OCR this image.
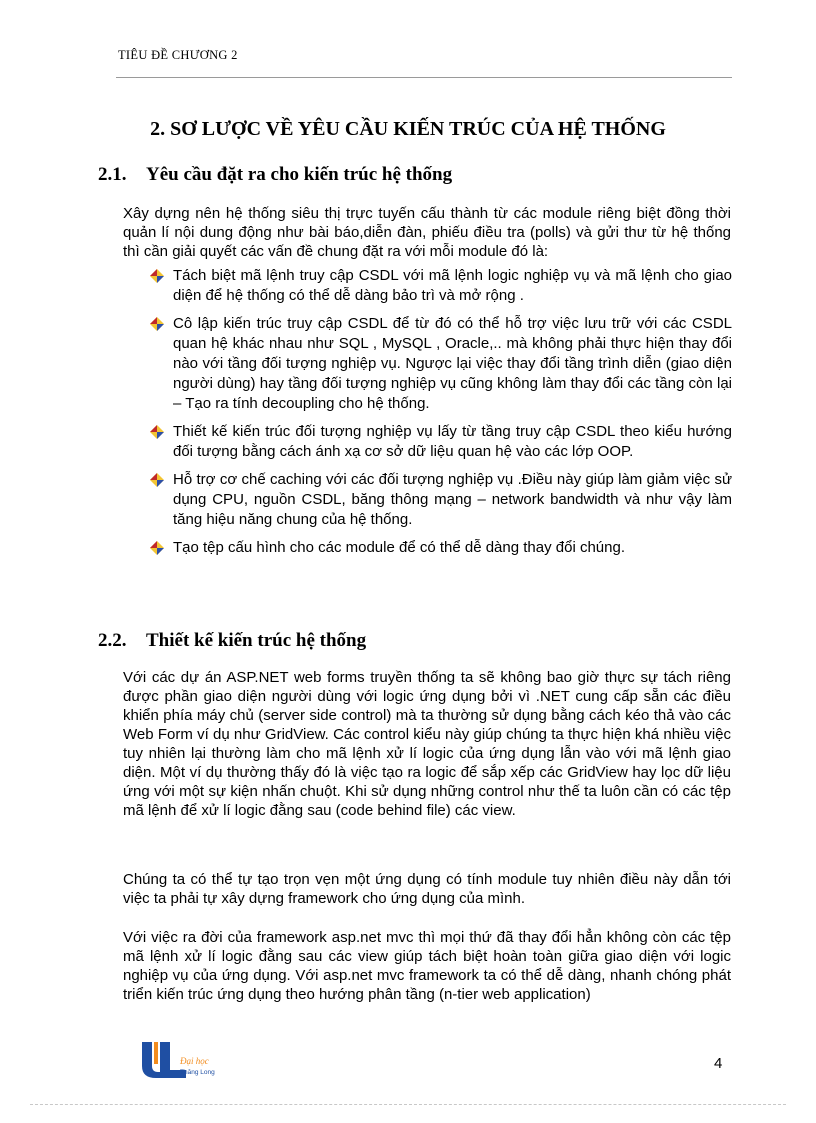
TIÊU ĐỀ CHƯƠNG 2
2. SƠ LƯỢC VỀ YÊU CẦU KIẾN TRÚC CỦA HỆ THỐNG
2.1. Yêu cầu đặt ra cho kiến trúc hệ thống

Xây dựng nên hệ thống siêu thị trực tuyến cấu thành từ các module riêng biệt đồng thời quản lí nội dung động như bài báo,diễn đàn, phiếu điều tra (polls) và gửi thư từ hệ thống thì cần giải quyết các vấn đề chung đặt ra với mỗi module đó là:

Tách biệt mã lệnh truy cập CSDL với mã lệnh logic nghiệp vụ và mã lệnh cho giao diện để hệ thống có thể dễ dàng bảo trì và mở rộng .
Cô lập kiến trúc truy cập CSDL để từ đó có thể hỗ trợ việc lưu trữ với các CSDL quan hệ khác nhau như SQL , MySQL , Oracle,.. mà không phải thực hiện thay đổi nào với tầng đối tượng nghiệp vụ. Ngược lại việc thay đổi tầng trình diễn (giao diện người dùng) hay tầng đối tượng nghiệp vụ cũng không làm thay đổi các tầng còn lại – Tạo ra tính decoupling cho hệ thống.
Thiết kế kiến trúc đối tượng nghiệp vụ lấy từ tầng truy cập CSDL theo kiểu hướng đối tượng bằng cách ánh xạ cơ sở dữ liệu quan hệ vào các lớp OOP.
Hỗ trợ cơ chế caching với các đối tượng nghiệp vụ .Điều này giúp làm giảm việc sử dụng CPU, nguồn CSDL, băng thông mạng – network bandwidth và như vậy làm tăng hiệu năng chung của hệ thống.
Tạo tệp cấu hình cho các module để có thể dễ dàng thay đổi chúng.
2.2. Thiết kế kiến trúc hệ thống

Với các dự án ASP.NET web forms truyền thống ta sẽ không bao giờ thực sự tách riêng được phần giao diện người dùng với logic ứng dụng bởi vì .NET cung cấp sẵn các điều khiển phía máy chủ (server side control) mà ta thường sử dụng bằng cách kéo thả vào các Web Form ví dụ như GridView. Các control kiểu này giúp chúng ta thực hiện khá nhiều việc tuy nhiên lại thường làm cho mã lệnh xử lí logic của ứng dụng lẫn vào với mã lệnh giao diện. Một ví dụ thường thấy đó là việc tạo ra logic để sắp xếp các GridView hay lọc dữ liệu ứng với một sự kiện nhấn chuột. Khi sử dụng những control như thế ta luôn cần có các tệp mã lệnh để xử lí logic đằng sau (code behind file) các view.

Chúng ta có thể tự tạo trọn vẹn một ứng dụng có tính module tuy nhiên điều này dẫn tới việc ta phải tự xây dựng framework cho ứng dụng của mình.

Với việc ra đời của framework asp.net mvc thì mọi thứ đã thay đổi hẳn không còn các tệp mã lệnh xử lí logic đằng sau các view giúp tách biệt hoàn toàn giữa giao diện với logic nghiệp vụ của ứng dụng. Với asp.net mvc framework ta có thể dễ dàng, nhanh chóng phát triển kiến trúc ứng dụng theo hướng phân tầng (n-tier web application)

Đại học
Thăng Long
4
